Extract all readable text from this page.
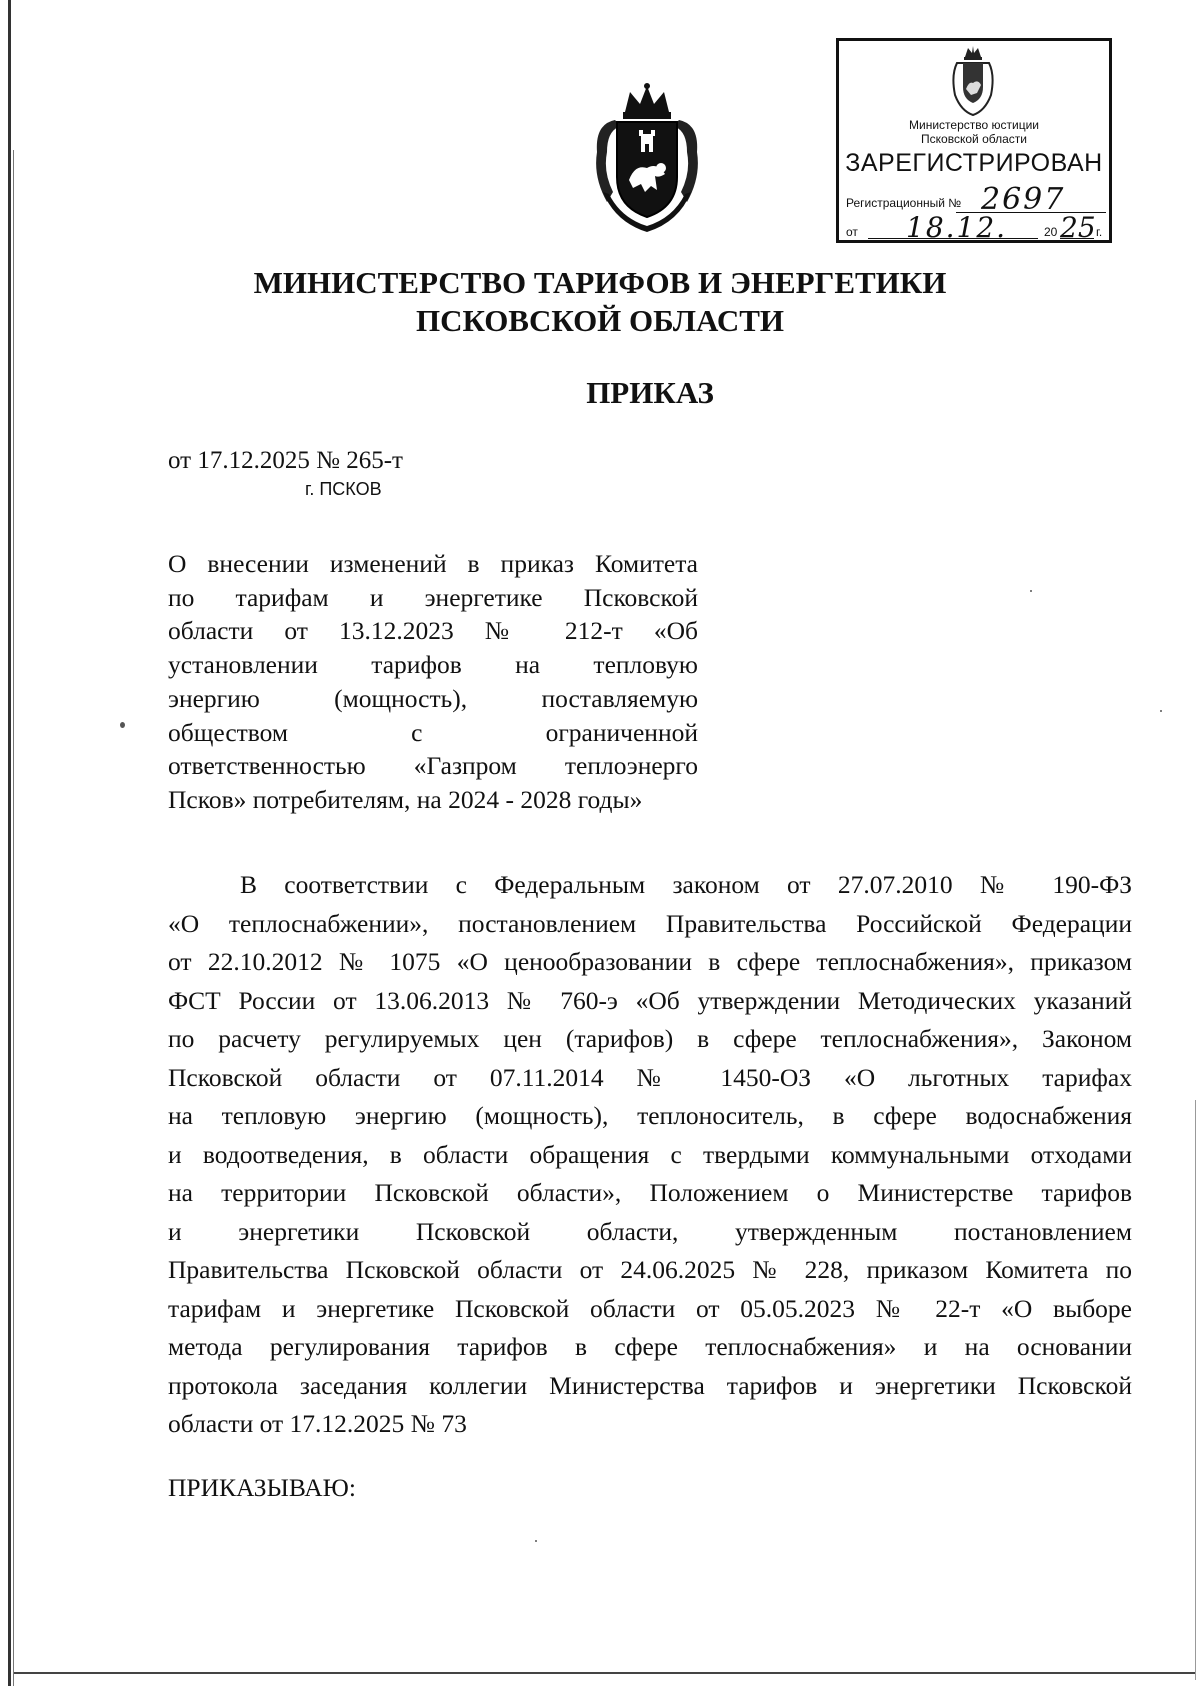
Министерство юстиции
Псковской области
ЗАРЕГИСТРИРОВАН
Регистрационный № 2697
от 18.12.	20 25 г.
МИНИСТЕРСТВО ТАРИФОВ И ЭНЕРГЕТИКИ
ПСКОВСКОЙ ОБЛАСТИ
ПРИКАЗ
от 17.12.2025 № 265-т
г. ПСКОВ
О внесении изменений в приказ Комитета
по тарифам и энергетике Псковской
области от 13.12.2023 № 212-т «Об
установлении тарифов на тепловую
энергию (мощность), поставляемую
обществом с ограниченной
ответственностью «Газпром теплоэнерго
Псков» потребителям, на 2024 - 2028 годы»
В соответствии с Федеральным законом от 27.07.2010 № 190-ФЗ
«О теплоснабжении», постановлением Правительства Российской Федерации
от 22.10.2012 № 1075 «О ценообразовании в сфере теплоснабжения», приказом
ФСТ России от 13.06.2013 № 760-э «Об утверждении Методических указаний
по расчету регулируемых цен (тарифов) в сфере теплоснабжения», Законом
Псковской области от 07.11.2014 № 1450-ОЗ «О льготных тарифах
на тепловую энергию (мощность), теплоноситель, в сфере водоснабжения
и водоотведения, в области обращения с твердыми коммунальными отходами
на территории Псковской области», Положением о Министерстве тарифов
и энергетики Псковской области, утвержденным постановлением
Правительства Псковской области от 24.06.2025 № 228, приказом Комитета по
тарифам и энергетике Псковской области от 05.05.2023 № 22-т «О выборе
метода регулирования тарифов в сфере теплоснабжения» и на основании
протокола заседания коллегии Министерства тарифов и энергетики Псковской
области от 17.12.2025 № 73
ПРИКАЗЫВАЮ:
